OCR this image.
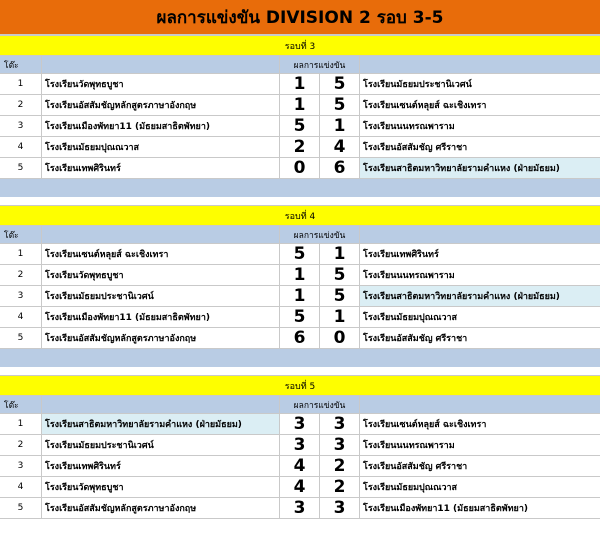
ผลการแข่งขัน DIVISION 2 รอบ 3-5
รอบที่ 3
โต๊ะ	ผลการแข่งขัน
1	โรงเรียนวัดพุทธบูชา	1	5	โรงเรียนมัธยมประชานิเวศน์
2	โรงเรียนอัสสัมชัญหลักสูตรภาษาอังกฤษ	1	5	โรงเรียนเซนต์หลุยส์ ฉะเชิงเทรา
3	โรงเรียนเมืองพัทยา11 (มัธยมสาธิตพัทยา)	5	1	โรงเรียนนนทรณพาราม
4	โรงเรียนมัธยมปุณณวาส	2	4	โรงเรียนอัสสัมชัญ ศรีราชา
5	โรงเรียนเทพศิรินทร์	0	6	โรงเรียนสาธิตมหาวิทยาลัยรามคำแหง (ฝ่ายมัธยม)
รอบที่ 4
โต๊ะ	ผลการแข่งขัน
1	โรงเรียนเซนต์หลุยส์ ฉะเชิงเทรา	5	1	โรงเรียนเทพศิรินทร์
2	โรงเรียนวัดพุทธบูชา	1	5	โรงเรียนนนทรณพาราม
3	โรงเรียนมัธยมประชานิเวศน์	1	5	โรงเรียนสาธิตมหาวิทยาลัยรามคำแหง (ฝ่ายมัธยม)
4	โรงเรียนเมืองพัทยา11 (มัธยมสาธิตพัทยา)	5	1	โรงเรียนมัธยมปุณณวาส
5	โรงเรียนอัสสัมชัญหลักสูตรภาษาอังกฤษ	6	0	โรงเรียนอัสสัมชัญ ศรีราชา
รอบที่ 5
โต๊ะ	ผลการแข่งขัน
1	โรงเรียนสาธิตมหาวิทยาลัยรามคำแหง (ฝ่ายมัธยม)	3	3	โรงเรียนเซนต์หลุยส์ ฉะเชิงเทรา
2	โรงเรียนมัธยมประชานิเวศน์	3	3	โรงเรียนนนทรณพาราม
3	โรงเรียนเทพศิรินทร์	4	2	โรงเรียนอัสสัมชัญ ศรีราชา
4	โรงเรียนวัดพุทธบูชา	4	2	โรงเรียนมัธยมปุณณวาส
5	โรงเรียนอัสสัมชัญหลักสูตรภาษาอังกฤษ	3	3	โรงเรียนเมืองพัทยา11 (มัธยมสาธิตพัทยา)
